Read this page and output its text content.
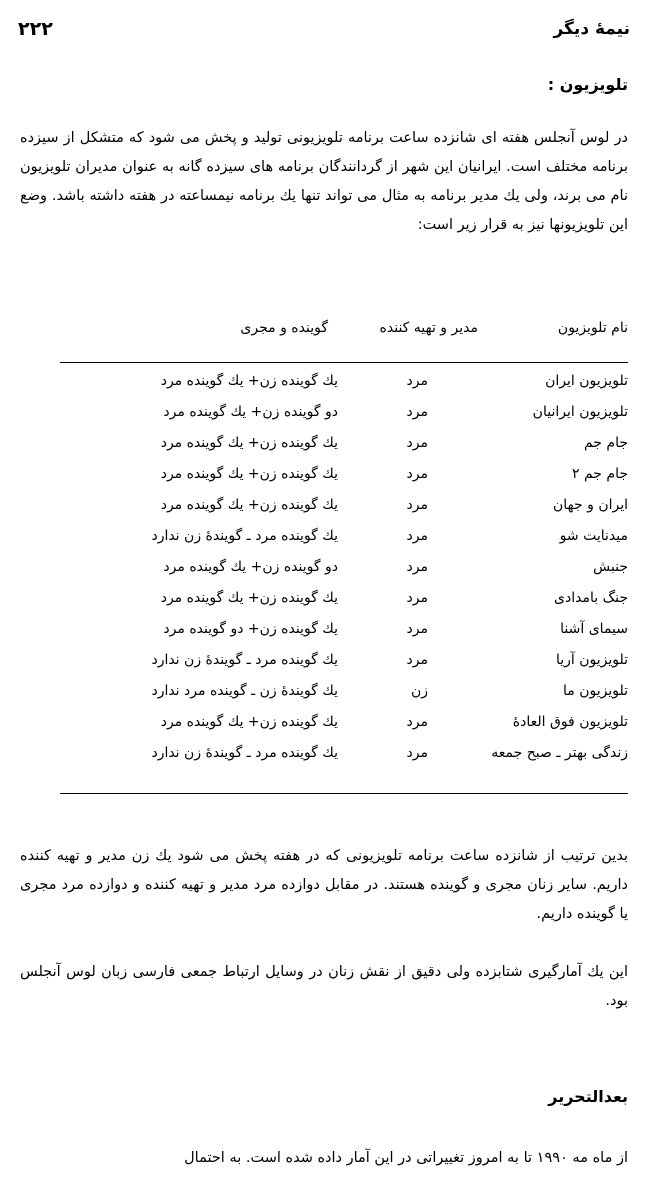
نیمهٔ دیگر
۲۲۲
تلویزیون :

در لوس آنجلس هفته ای شانزده ساعت برنامه تلویزیونی تولید و پخش می شود که متشکل از سیزده برنامه مختلف است. ایرانیان این شهر از گردانندگان برنامه های سیزده گانه به عنوان مدیران تلویزیون نام می برند، ولی یك مدیر برنامه به مثال می تواند تنها یك برنامه نیمساعته در هفته داشته باشد. وضع این تلویزیونها نیز به قرار زیر است:

نام تلویزیون
مدیر و تهیه کننده
گوینده و مجری
تلویزیون ایران
مرد
یك گوینده زن+ یك گوینده مرد
تلویزیون ایرانیان
مرد
دو گوینده زن+ یك گوینده مرد
جام جم
مرد
یك گوینده زن+ یك گوینده مرد
جام جم ۲
مرد
یك گوینده زن+ یك گوینده مرد
ایران و جهان
مرد
یك گوینده زن+ یك گوینده مرد
میدنایت شو
مرد
یك گوینده مرد ـ گویندهٔ زن ندارد
جنبش
مرد
دو گوینده زن+ یك گوینده مرد
جنگ بامدادی
مرد
یك گوینده زن+ یك گوینده مرد
سیمای آشنا
مرد
یك گوینده زن+ دو گوینده مرد
تلویزیون آریا
مرد
یك گوینده مرد ـ گویندهٔ زن ندارد
تلویزیون ما
زن
یك گویندهٔ زن ـ گوینده مرد ندارد
تلویزیون فوق العادهٔ
مرد
یك گوینده زن+ یك گوینده مرد
زندگی بهتر ـ صبح جمعه
مرد
یك گوینده مرد ـ گویندهٔ زن ندارد

بدین ترتیب از شانزده ساعت برنامه تلویزیونی که در هفته پخش می شود یك زن مدیر و تهیه کننده داریم. سایر زنان مجری و گوینده هستند. در مقابل دوازده مرد مدیر و تهیه کننده و دوازده مرد مجری یا گوینده داریم.

این یك آمارگیری شتابزده ولی دقیق از نقش زنان در وسایل ارتباط جمعی فارسی زبان لوس آنجلس بود.

بعدالتحریر

از ماه مه ۱۹۹۰ تا به امروز تغییراتی در این آمار داده شده است. به احتمال
